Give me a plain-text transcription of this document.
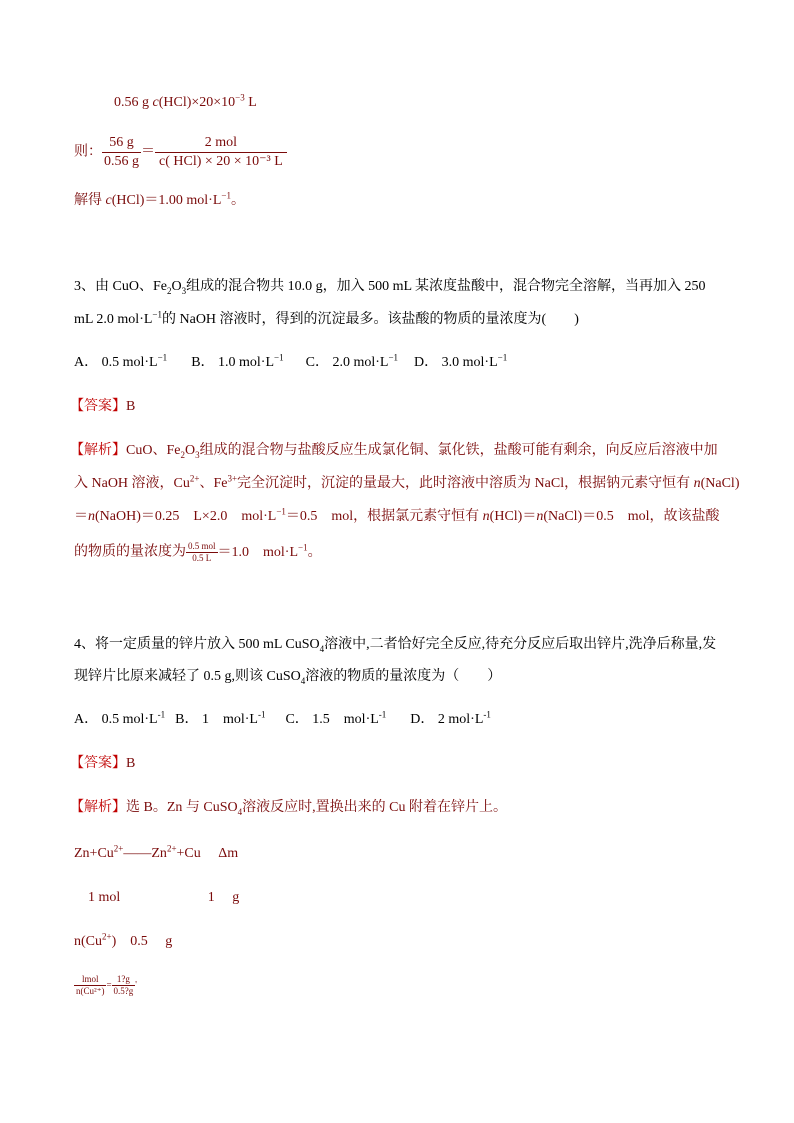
0.56 g $c(HCl)\times 20\times 10^{-3}$ L
则： $\frac{56 g}{0.56 g} = \frac{\text{2 mol}}{\text{c( HCl) × 20 × 10⁻³ L}}$
解得 c(HCl)＝1.00 $mol\cdot L^{-1}$。
3、由 CuO、$Fe_2O_3$组成的混合物共 10.0 g，加入 500 mL 某浓度盐酸中，混合物完全溶解，当再加入 250
mL 2.0 $mol\cdot L^{-1}$的 NaOH 溶液时，得到的沉淀最多。该盐酸的物质的量浓度为(　　)
A． 0.5 $mol\cdot L^{-1}$ B． 1.0 $mol\cdot L^{-1}$ C． 2.0 $mol\cdot L^{-1}$ D． 3.0 $mol\cdot L^{-1}$
【答案】B
【解析】CuO、$Fe_2O_3$组成的混合物与盐酸反应生成氯化铜、氯化铁，盐酸可能有剩余，向反应后溶液中加
入 NaOH 溶液，$Cu^{2+}$、$Fe^{3+}$完全沉淀时，沉淀的量最大，此时溶液中溶质为 NaCl，根据钠元素守恒有 n(NaCl)
＝n(NaOH)＝0.25　L×2.0　$mol\cdot L^{-1}=0.5$　mol，根据氯元素守恒有 n(HCl)＝n(NaCl)＝0.5　mol，故该盐酸
的物质的量浓度为 $\frac{\text{0.5 mol}}{0.5 L} =1.0$　$mol\cdot L^{-1}$。
4、将一定质量的锌片放入 500 mL CuSO$_4$溶液中,二者恰好完全反应,待充分反应后取出锌片,洗净后称量,发
现锌片比原来减轻了 0.5 g,则该 CuSO$_4$溶液的物质的量浓度为（　　）
A． 0.5 $mol\cdot L^{-1}$ B． 1　$mol\cdot L^{-1}$ C． 1.5　$mol\cdot L^{-1}$ D． 2 $mol\cdot L^{-1}$
【答案】B
【解析】选 B。Zn 与 CuSO$_4$溶液反应时,置换出来的 Cu 附着在锌片上。
$Zn+Cu^{2+}——Zn^{2+}+Cu$　 Δm
　1 mol　　　　　　 1　 g
$n(Cu^{2+})$　0.5　 g
$\frac{\text{lmol}}{\text{n(Cu²⁺)}} = \frac{1?g}{0.5?g}$ '
